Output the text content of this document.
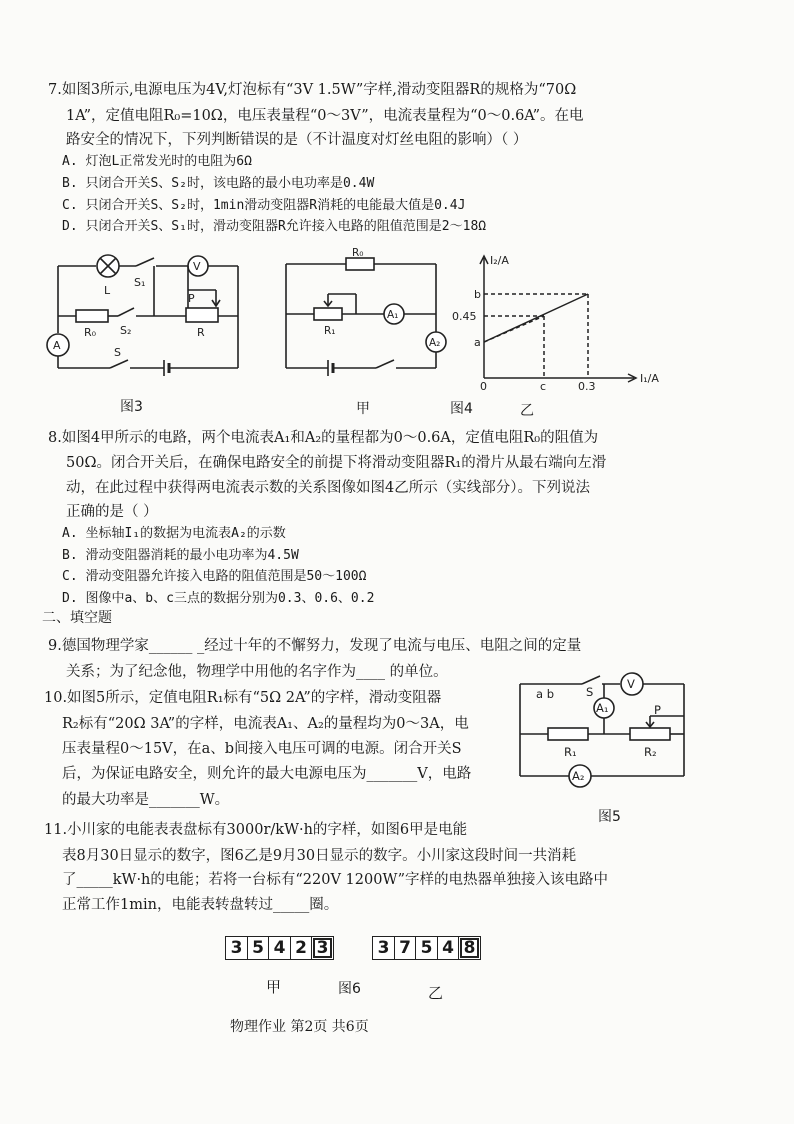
7.如图3所示,电源电压为4V,灯泡标有“3V 1.5W”字样,滑动变阻器R的规格为“70Ω
1A”，定值电阻R₀=10Ω，电压表量程“0～3V”，电流表量程为“0～0.6A”。在电
路安全的情况下，下列判断错误的是（不计温度对灯丝电阻的影响）（ ）
A. 灯泡L正常发光时的电阻为6Ω
B. 只闭合开关S、S₂时，该电路的最小电功率是0.4W
C. 只闭合开关S、S₂时，1min滑动变阻器R消耗的电能最大值是0.4J
D. 只闭合开关S、S₁时，滑动变阻器R允许接入电路的阻值范围是2～18Ω
L
S₁
V
P
R
R₀ S₂
A
S
图3
R₀
R₁
A₁
A₂
甲	图4	乙
I₂/A
I₁/A
b
0.45
a
0	c	0.3
8.如图4甲所示的电路，两个电流表A₁和A₂的量程都为0～0.6A，定值电阻R₀的阻值为
50Ω。闭合开关后，在确保电路安全的前提下将滑动变阻器R₁的滑片从最右端向左滑
动，在此过程中获得两电流表示数的关系图像如图4乙所示（实线部分）。下列说法
正确的是（ ）
A. 坐标轴I₁的数据为电流表A₂的示数
B. 滑动变阻器消耗的最小电功率为4.5W
C. 滑动变阻器允许接入电路的阻值范围是50～100Ω
D. 图像中a、b、c三点的数据分别为0.3、0.6、0.2
二、填空题
9.德国物理学家______ _经过十年的不懈努力，发现了电流与电压、电阻之间的定量
关系；为了纪念他，物理学中用他的名字作为____ 的单位。
10.如图5所示，定值电阻R₁标有“5Ω 2A”的字样，滑动变阻器
R₂标有“20Ω 3A”的字样，电流表A₁、A₂的量程均为0～3A，电
压表量程0～15V，在a、b间接入电压可调的电源。闭合开关S
后，为保证电路安全，则允许的最大电源电压为_______V，电路
的最大功率是_______W。
a b	S
V
A₁	P
R₁	R₂
A₂
图5
11.小川家的电能表表盘标有3000r/kW·h的字样，如图6甲是电能
表8月30日显示的数字，图6乙是9月30日显示的数字。小川家这段时间一共消耗
了_____kW·h的电能；若将一台标有“220V 1200W”字样的电热器单独接入该电路中
正常工作1min，电能表转盘转过_____圈。
3 5 4 2 3	3 7 5 4 8
甲	图6	乙
物理作业 第2页 共6页
